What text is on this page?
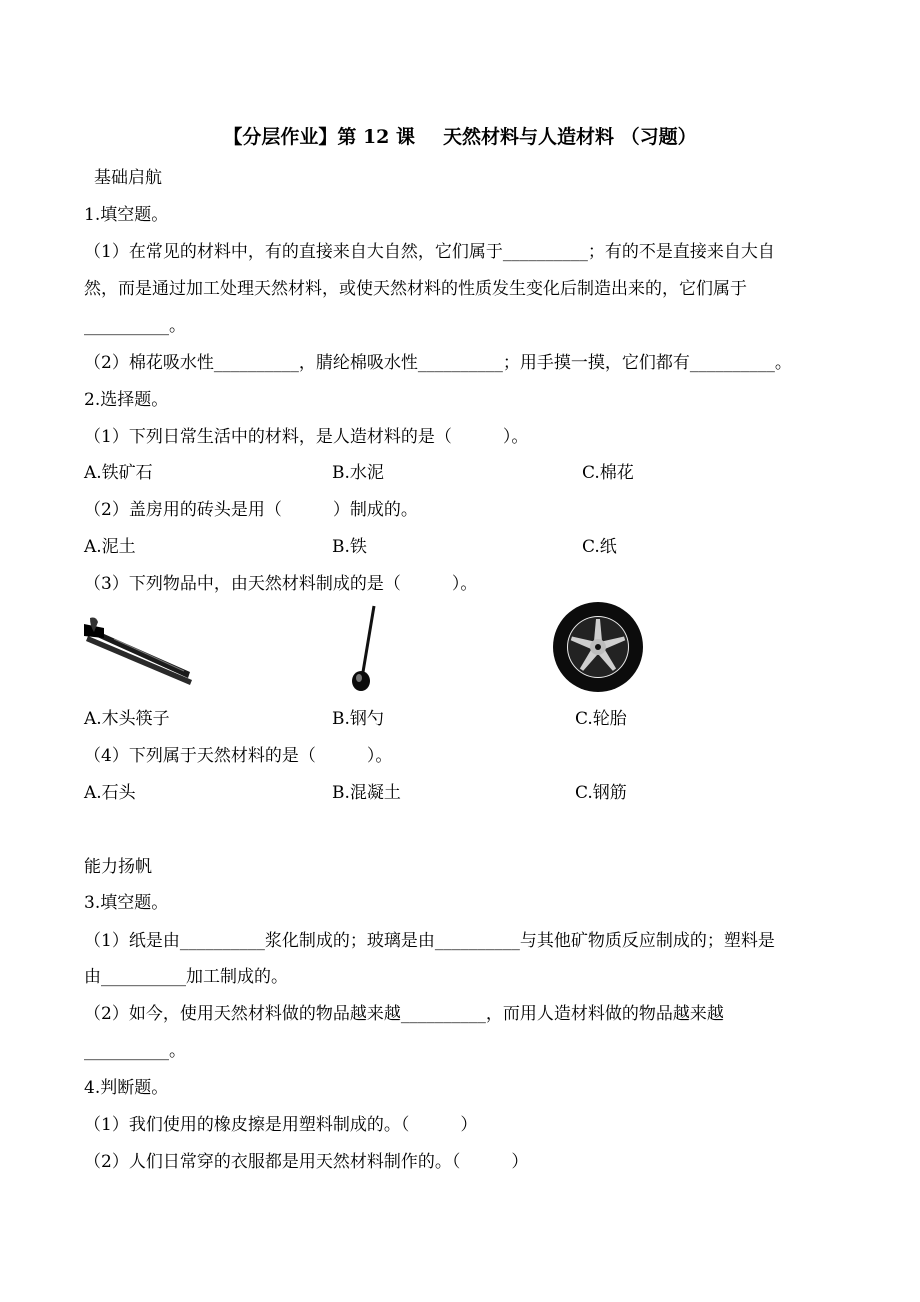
【分层作业】第 12 课 天然材料与人造材料 （习题）
基础启航
1.填空题。
（1）在常见的材料中，有的直接来自大自然，它们属于__________；有的不是直接来自大自
然，而是通过加工处理天然材料，或使天然材料的性质发生变化后制造出来的，它们属于
__________。
（2）棉花吸水性__________，腈纶棉吸水性__________；用手摸一摸，它们都有__________。
2.选择题。
（1）下列日常生活中的材料，是人造材料的是（　　　）。
A.铁矿石	B.水泥	C.棉花
（2）盖房用的砖头是用（　　　）制成的。
A.泥土	B.铁	C.纸
（3）下列物品中，由天然材料制成的是（　　　）。
A.木头筷子	B.钢勺	C.轮胎
（4）下列属于天然材料的是（　　　）。
A.石头	B.混凝土	C.钢筋
能力扬帆
3.填空题。
（1）纸是由__________浆化制成的；玻璃是由__________与其他矿物质反应制成的；塑料是
由__________加工制成的。
（2）如今，使用天然材料做的物品越来越__________，而用人造材料做的物品越来越
__________。
4.判断题。
（1）我们使用的橡皮擦是用塑料制成的。（　　　）
（2）人们日常穿的衣服都是用天然材料制作的。（　　　）
